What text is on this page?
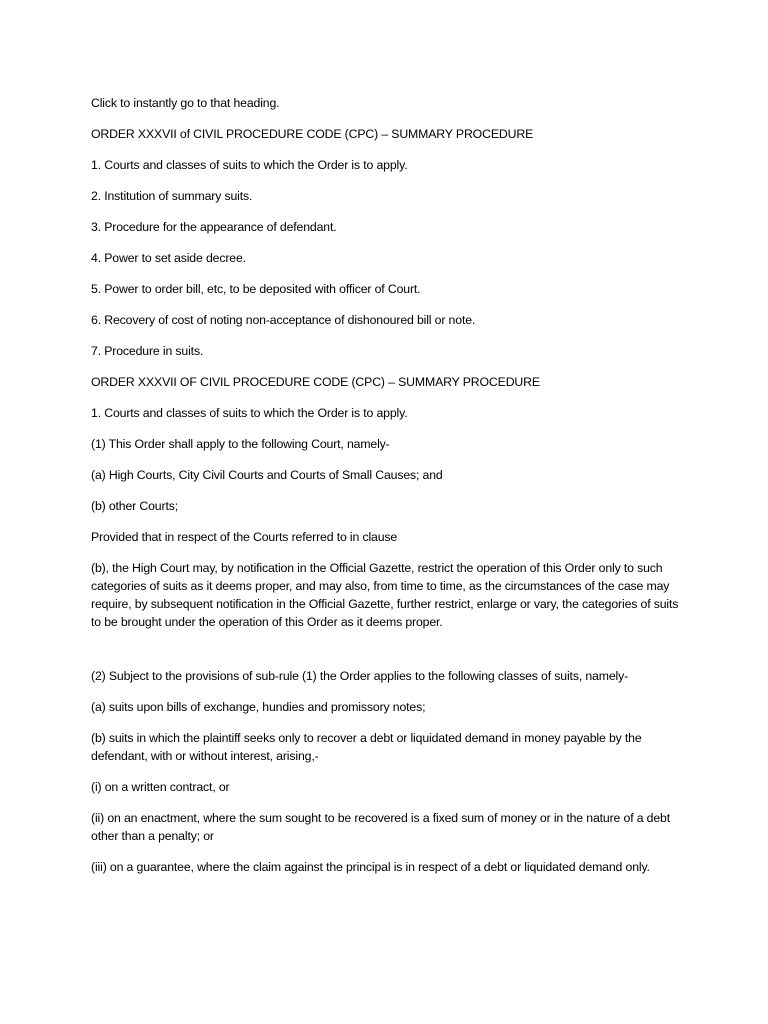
Click to instantly go to that heading.

ORDER XXXVII of CIVIL PROCEDURE CODE (CPC) – SUMMARY PROCEDURE

1. Courts and classes of suits to which the Order is to apply.

2. Institution of summary suits.

3. Procedure for the appearance of defendant.

4. Power to set aside decree.

5. Power to order bill, etc, to be deposited with officer of Court.

6. Recovery of cost of noting non-acceptance of dishonoured bill or note.

7. Procedure in suits.

ORDER XXXVII OF CIVIL PROCEDURE CODE (CPC) – SUMMARY PROCEDURE

1. Courts and classes of suits to which the Order is to apply.

(1) This Order shall apply to the following Court, namely-

(a) High Courts, City Civil Courts and Courts of Small Causes; and

(b) other Courts;

Provided that in respect of the Courts referred to in clause

(b), the High Court may, by notification in the Official Gazette, restrict the operation of this Order only to such categories of suits as it deems proper, and may also, from time to time, as the circumstances of the case may require, by subsequent notification in the Official Gazette, further restrict, enlarge or vary, the categories of suits to be brought under the operation of this Order as it deems proper.

(2) Subject to the provisions of sub-rule (1) the Order applies to the following classes of suits, namely-

(a) suits upon bills of exchange, hundies and promissory notes;

(b) suits in which the plaintiff seeks only to recover a debt or liquidated demand in money payable by the defendant, with or without interest, arising,-

(i) on a written contract, or

(ii) on an enactment, where the sum sought to be recovered is a fixed sum of money or in the nature of a debt other than a penalty; or

(iii) on a guarantee, where the claim against the principal is in respect of a debt or liquidated demand only.
